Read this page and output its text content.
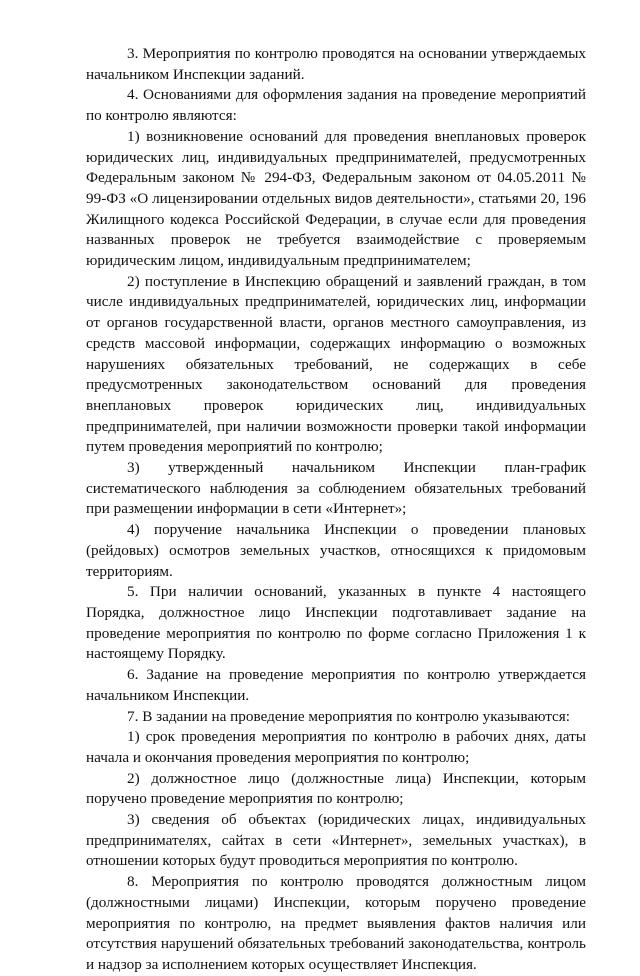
3. Мероприятия по контролю проводятся на основании утверждаемых начальником Инспекции заданий.

4. Основаниями для оформления задания на проведение мероприятий по контролю являются:

1) возникновение оснований для проведения внеплановых проверок юридических лиц, индивидуальных предпринимателей, предусмотренных Федеральным законом № 294-ФЗ, Федеральным законом от 04.05.2011 № 99-ФЗ «О лицензировании отдельных видов деятельности», статьями 20, 196 Жилищного кодекса Российской Федерации, в случае если для проведения названных проверок не требуется взаимодействие с проверяемым юридическим лицом, индивидуальным предпринимателем;

2) поступление в Инспекцию обращений и заявлений граждан, в том числе индивидуальных предпринимателей, юридических лиц, информации от органов государственной власти, органов местного самоуправления, из средств массовой информации, содержащих информацию о возможных нарушениях обязательных требований, не содержащих в себе предусмотренных законодательством оснований для проведения внеплановых проверок юридических лиц, индивидуальных предпринимателей, при наличии возможности проверки такой информации путем проведения мероприятий по контролю;

3) утвержденный начальником Инспекции план-график систематического наблюдения за соблюдением обязательных требований при размещении информации в сети «Интернет»;

4) поручение начальника Инспекции о проведении плановых (рейдовых) осмотров земельных участков, относящихся к придомовым территориям.

5. При наличии оснований, указанных в пункте 4 настоящего Порядка, должностное лицо Инспекции подготавливает задание на проведение мероприятия по контролю по форме согласно Приложения 1 к настоящему Порядку.

6. Задание на проведение мероприятия по контролю утверждается начальником Инспекции.

7. В задании на проведение мероприятия по контролю указываются:

1) срок проведения мероприятия по контролю в рабочих днях, даты начала и окончания проведения мероприятия по контролю;

2) должностное лицо (должностные лица) Инспекции, которым поручено проведение мероприятия по контролю;

3) сведения об объектах (юридических лицах, индивидуальных предпринимателях, сайтах в сети «Интернет», земельных участках), в отношении которых будут проводиться мероприятия по контролю.

8. Мероприятия по контролю проводятся должностным лицом (должностными лицами) Инспекции, которым поручено проведение мероприятия по контролю, на предмет выявления фактов наличия или отсутствия нарушений обязательных требований законодательства, контроль и надзор за исполнением которых осуществляет Инспекция.
